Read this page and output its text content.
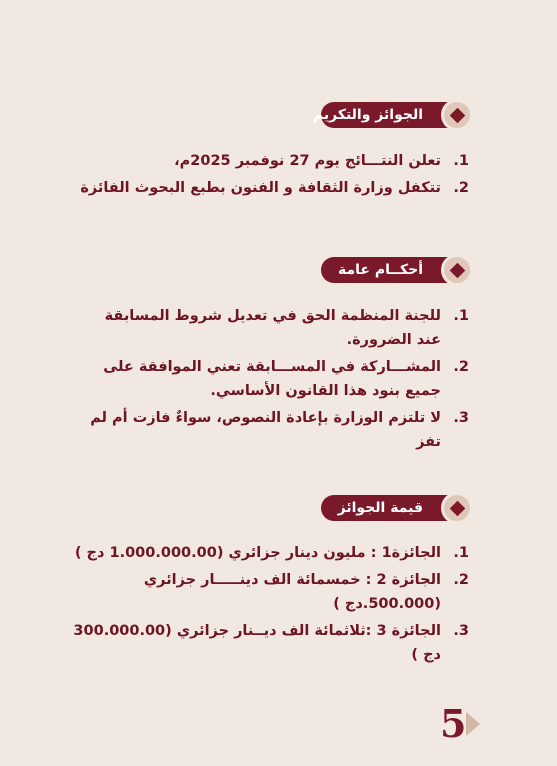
الجوائز والتكريم
1.
تعلن النتـــائج يوم 27 نوفمبر 2025م،
2.
تتكفل وزارة الثقافة و الفنون بطبع البحوث الفائزة
أحكــام عامة
1.
للجنة المنظمة الحق في تعديل شروط المسابقة عند الضرورة.
2.
المشـــاركة في المســـابقة تعني الموافقة على جميع بنود هذا القانون الأساسي.
3.
لا تلتزم الوزارة بإعادة النصوص، سواءٌ فازت أم لم تفز
قيمة الجوائز
1.
الجائزة1 : مليون دينار جزائري (1.000.000.00 دج )
2.
الجائزة 2 : خمسمائة الف دينـــــار جزائري (500.000.دج )
3.
الجائزة 3 :ثلاثمائة الف ديــنار جزائري (300.000.00 دج )
5
